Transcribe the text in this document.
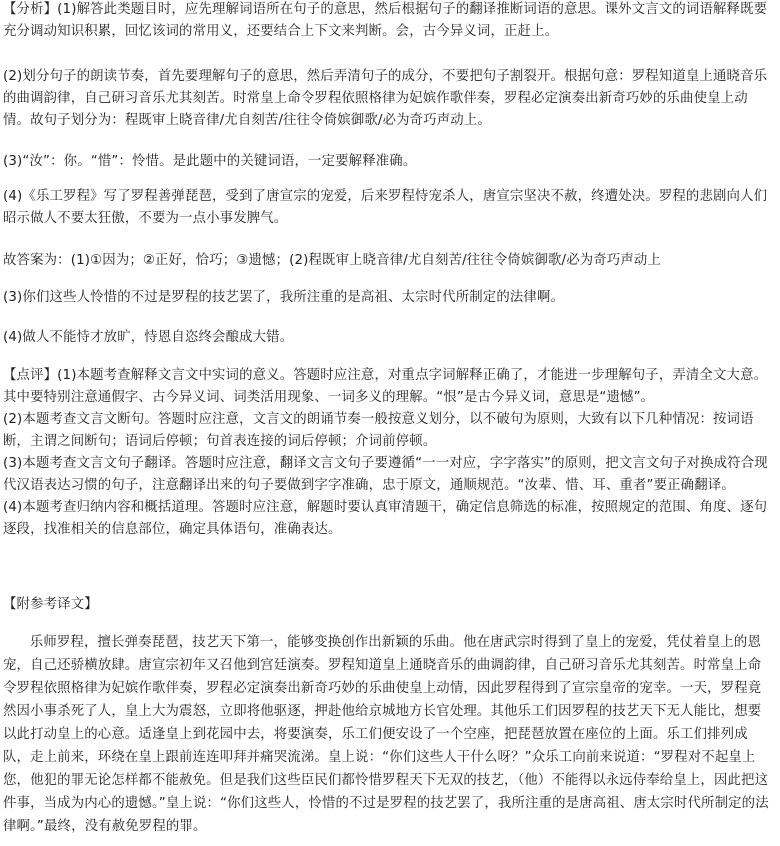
【分析】(1)解答此类题目时，应先理解词语所在句子的意思，然后根据句子的翻译推断词语的意思。课外文言文的词语解释既要充分调动知识积累，回忆该词的常用义，还要结合上下文来判断。会，古今异义词，正赶上。

(2)划分句子的朗读节奏，首先要理解句子的意思，然后弄清句子的成分，不要把句子割裂开。根据句意：罗程知道皇上通晓音乐的曲调韵律，自己研习音乐尤其刻苦。时常皇上命令罗程依照格律为妃嫔作歌伴奏，罗程必定演奏出新奇巧妙的乐曲使皇上动情。故句子划分为：程既审上晓音律/尤自刻苦/往往令倚嫔御歌/必为奇巧声动上。

(3)“汝”：你。“惜”：怜惜。是此题中的关键词语，一定要解释准确。

(4)《乐工罗程》写了罗程善弹琵琶，受到了唐宣宗的宠爱，后来罗程恃宠杀人，唐宣宗坚决不赦，终遭处决。罗程的悲剧向人们昭示做人不要太狂傲，不要为一点小事发脾气。

故答案为：(1)①因为；②正好，恰巧；③遗憾；(2)程既审上晓音律/尤自刻苦/往往令倚嫔御歌/必为奇巧声动上

(3)你们这些人怜惜的不过是罗程的技艺罢了，我所注重的是高祖、太宗时代所制定的法律啊。

(4)做人不能恃才放旷，恃恩自恣终会酿成大错。

【点评】(1)本题考查解释文言文中实词的意义。答题时应注意，对重点字词解释正确了，才能进一步理解句子，弄清全文大意。其中要特别注意通假字、古今异义词、词类活用现象、一词多义的理解。“恨”是古今异义词，意思是“遗憾”。

(2)本题考查文言文断句。答题时应注意，文言文的朗诵节奏一般按意义划分，以不破句为原则，大致有以下几种情况：按词语断，主谓之间断句；语词后停顿；句首表连接的词后停顿；介词前停顿。

(3)本题考查文言文句子翻译。答题时应注意，翻译文言文句子要遵循“一一对应，字字落实”的原则，把文言文句子对换成符合现代汉语表达习惯的句子，注意翻译出来的句子要做到字字准确，忠于原文，通顺规范。“汝辈、惜、耳、重者”要正确翻译。

(4)本题考查归纳内容和概括道理。答题时应注意，解题时要认真审清题干，确定信息筛选的标准，按照规定的范围、角度、逐句逐段，找准相关的信息部位，确定具体语句，准确表达。

【附参考译文】

乐师罗程，擅长弹奏琵琶，技艺天下第一，能够变换创作出新颖的乐曲。他在唐武宗时得到了皇上的宠爱，凭仗着皇上的恩宠，自己还骄横放肆。唐宣宗初年又召他到宫廷演奏。罗程知道皇上通晓音乐的曲调韵律，自己研习音乐尤其刻苦。时常皇上命令罗程依照格律为妃嫔作歌伴奏，罗程必定演奏出新奇巧妙的乐曲使皇上动情，因此罗程得到了宣宗皇帝的宠幸。一天，罗程竟然因小事杀死了人，皇上大为震怒，立即将他驱逐，押赴他给京城地方长官处理。其他乐工们因罗程的技艺天下无人能比，想要以此打动皇上的心意。适逢皇上到花园中去，将要演奏，乐工们便安设了一个空座，把琵琶放置在座位的上面。乐工们排列成队，走上前来，环绕在皇上跟前连连叩拜并痛哭流涕。皇上说：“你们这些人干什么呀？”众乐工向前来说道：“罗程对不起皇上您，他犯的罪无论怎样都不能赦免。但是我们这些臣民们都怜惜罗程天下无双的技艺，（他）不能得以永远侍奉给皇上，因此把这件事，当成为内心的遗憾。”皇上说：“你们这些人，怜惜的不过是罗程的技艺罢了，我所注重的是唐高祖、唐太宗时代所制定的法律啊。”最终，没有赦免罗程的罪。
